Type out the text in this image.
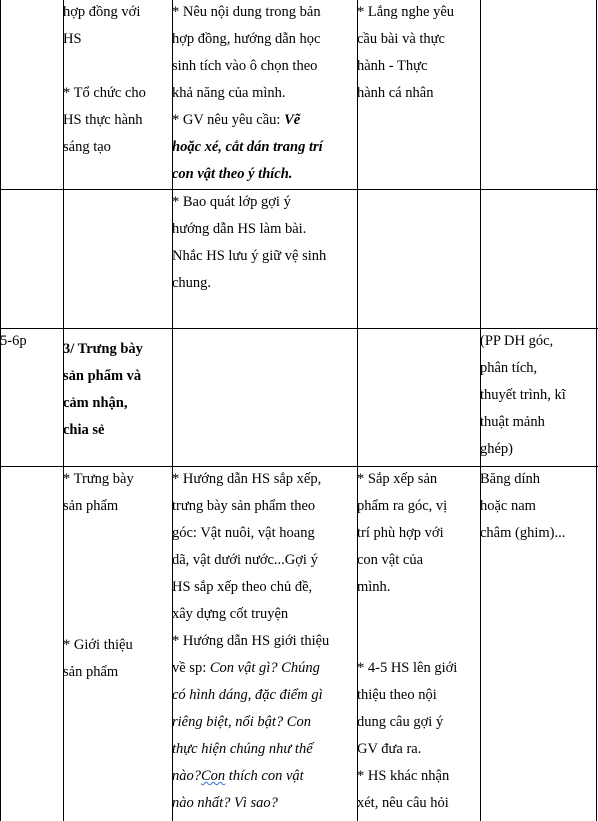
hợp đồng với
HS
* Tổ chức cho
HS thực hành
sáng tạo
* Nêu nội dung trong bản
hợp đồng, hướng dẫn học
sinh tích vào ô chọn theo
khả năng của mình.
* GV nêu yêu cầu: Vẽ
hoặc xé, cắt dán trang trí
con vật theo ý thích.
* Lắng nghe yêu
cầu bài và thực
hành - Thực
hành cá nhân
* Bao quát lớp gợi ý
hướng dẫn HS làm bài.
Nhắc HS lưu ý giữ vệ sinh
chung.
5-6p	3/ Trưng bày
sản phẩm và
cảm nhận,
chia sẻ
(PP DH góc,
phân tích,
thuyết trình, kĩ
thuật mảnh
ghép)
* Trưng bày
sản phẩm
* Giới thiệu
sản phẩm
* Hướng dẫn HS sắp xếp,
trưng bày sản phẩm theo
góc: Vật nuôi, vật hoang
dã, vật dưới nước...Gợi ý
HS sắp xếp theo chủ đề,
xây dựng cốt truyện
* Hướng dẫn HS giới thiệu
về sp: Con vật gì? Chúng
có hình dáng, đặc điểm gì
riêng biệt, nổi bật? Con
thực hiện chúng như thế
nào?Con thích con vật
nào nhất? Vì sao?
* Sắp xếp sản
phẩm ra góc, vị
trí phù hợp với
con vật của
mình.
* 4-5 HS lên giới
thiệu theo nội
dung câu gợi ý
GV đưa ra.
* HS khác nhận
xét, nêu câu hỏi
Băng dính
hoặc nam
châm (ghim)...
